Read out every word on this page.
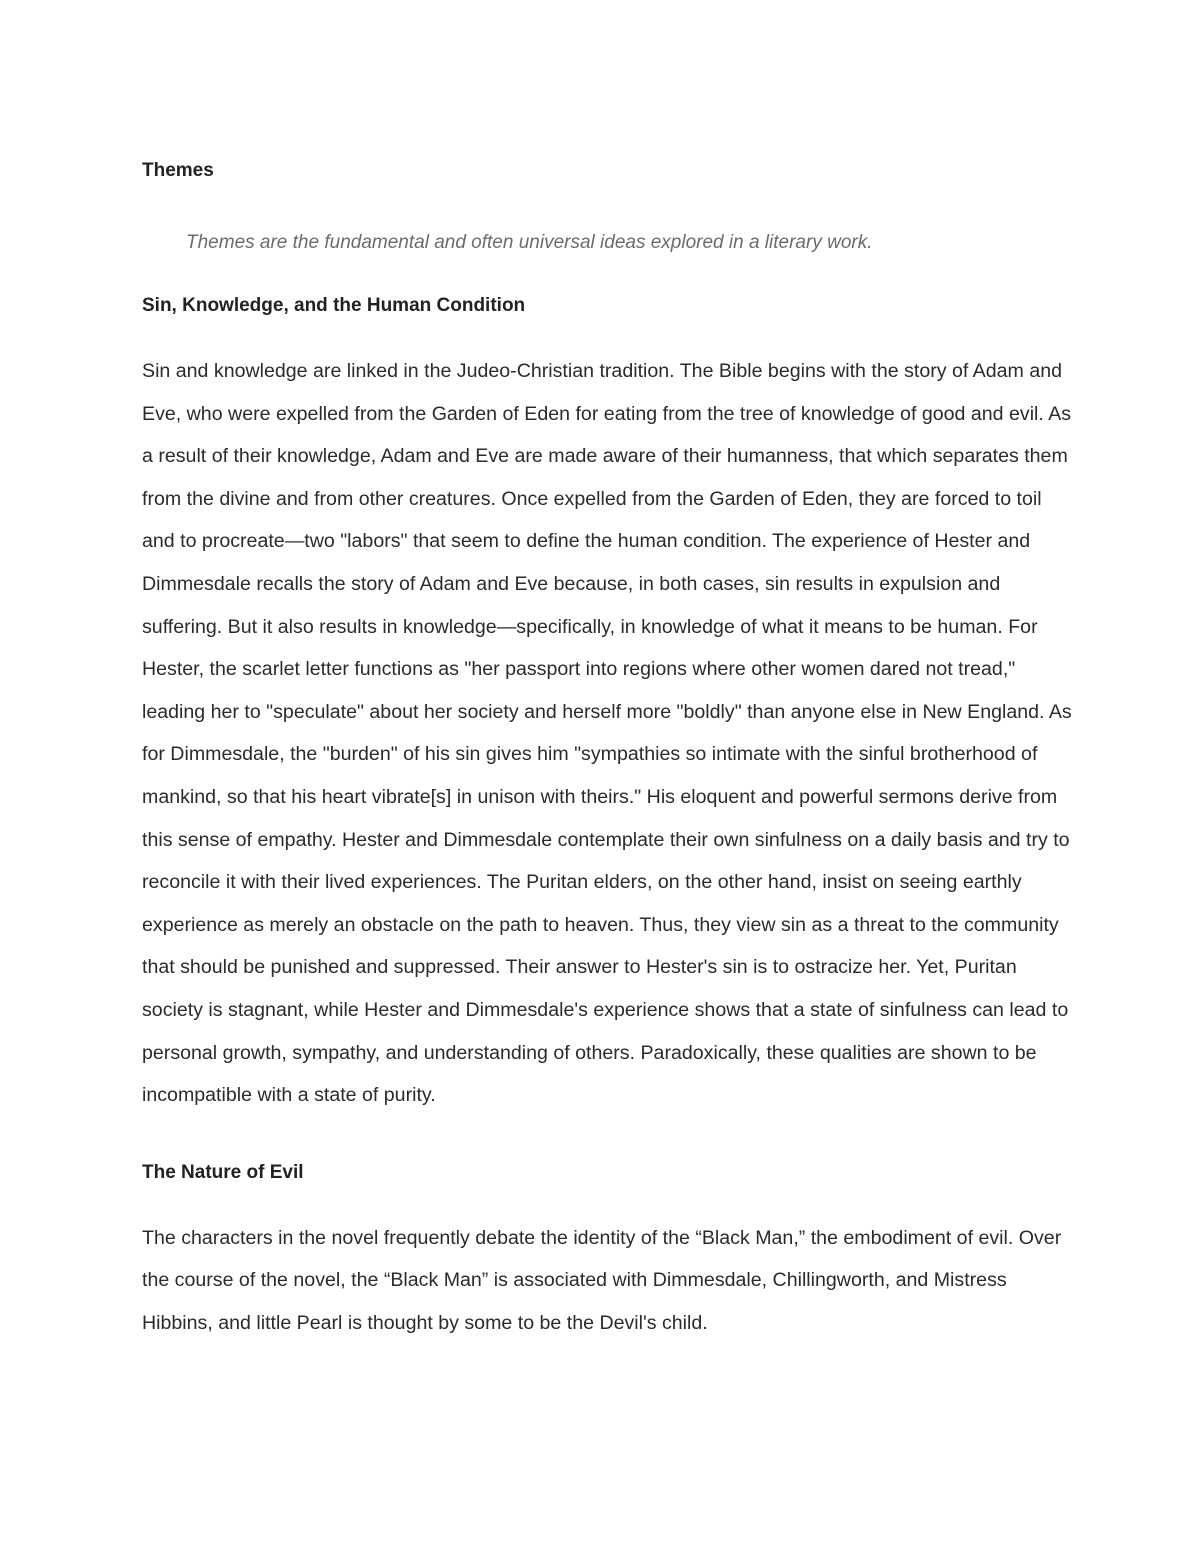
Themes

Themes are the fundamental and often universal ideas explored in a literary work.

Sin, Knowledge, and the Human Condition

Sin and knowledge are linked in the Judeo-Christian tradition. The Bible begins with the story of Adam and Eve, who were expelled from the Garden of Eden for eating from the tree of knowledge of good and evil. As a result of their knowledge, Adam and Eve are made aware of their humanness, that which separates them from the divine and from other creatures. Once expelled from the Garden of Eden, they are forced to toil and to procreate—two "labors" that seem to define the human condition. The experience of Hester and Dimmesdale recalls the story of Adam and Eve because, in both cases, sin results in expulsion and suffering. But it also results in knowledge—specifically, in knowledge of what it means to be human. For Hester, the scarlet letter functions as "her passport into regions where other women dared not tread," leading her to "speculate" about her society and herself more "boldly" than anyone else in New England. As for Dimmesdale, the "burden" of his sin gives him "sympathies so intimate with the sinful brotherhood of mankind, so that his heart vibrate[s] in unison with theirs." His eloquent and powerful sermons derive from this sense of empathy. Hester and Dimmesdale contemplate their own sinfulness on a daily basis and try to reconcile it with their lived experiences. The Puritan elders, on the other hand, insist on seeing earthly experience as merely an obstacle on the path to heaven. Thus, they view sin as a threat to the community that should be punished and suppressed. Their answer to Hester's sin is to ostracize her. Yet, Puritan society is stagnant, while Hester and Dimmesdale's experience shows that a state of sinfulness can lead to personal growth, sympathy, and understanding of others. Paradoxically, these qualities are shown to be incompatible with a state of purity.

The Nature of Evil

The characters in the novel frequently debate the identity of the “Black Man,” the embodiment of evil. Over the course of the novel, the “Black Man” is associated with Dimmesdale, Chillingworth, and Mistress Hibbins, and little Pearl is thought by some to be the Devil's child.
